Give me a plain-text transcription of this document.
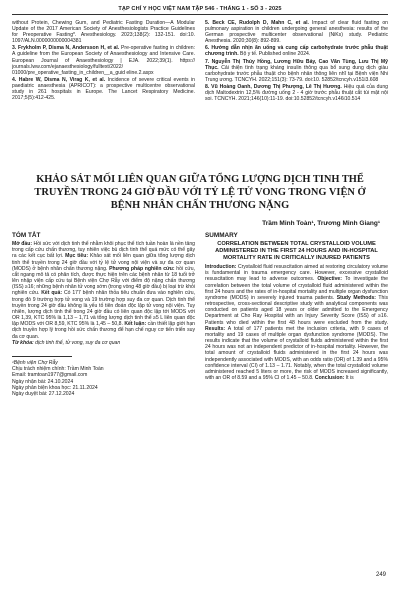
TẠP CHÍ Y HỌC VIỆT NAM TẬP 546 - THÁNG 1 - SỐ 3 - 2025
without Protein, Chewing Gum, and Pediatric Fasting Duration—A Modular Update of the 2017 American Society of Anesthesiologists Practice Guidelines for Preoperative Fasting*. Anesthesiology. 2023;138(2): 132-151. doi:10. 1097/ALN.0000000000004381
3. Frykholm P, Disma N, Andersson H, et al. Pre-operative fasting in children: A guideline from the European Society of Anaesthesiology and Intensive Care. European Journal of Anaesthesiology | EJA. 2022;39(1). https:// journals.lww.com/ejanaesthesiology/fulltext/2022/ 01000/pre_operative_fasting_in_children__a_guid eline.2.aspx
4. Habre W, Disma N, Virag K, et al. Incidence of severe critical events in paediatric anaesthesia (APRICOT): a prospective multicentre observational study in 261 hospitals in Europe. The Lancet Respiratory Medicine. 2017;5(5):412-425.
5. Beck CE, Rudolph D, Mahn C, et al. Impact of clear fluid fasting on pulmonary aspiration in children undergoing general anesthesia: results of the German prospective multicenter observational (NiKs) study. Pediatric Anesthesia. 2020;30(8): 892-899.
6. Hướng dẫn nhịn ăn uống và cung cấp carbohydrate trước phẫu thuật chương trình. Bộ y tế. Published online 2024.
7. Nguyễn Thị Thúy Hồng, Lương Hữu Bảy, Cao Văn Tùng, Lưu Thị Mỹ Thục. Cải thiện tình trạng kháng insulin thông qua bổ sung dung dịch giàu carbohydrate trước phẫu thuật cho bệnh nhân thông liên nhĩ tại Bệnh viện Nhi Trung ương. TCNCYH. 2022;151(3): 73-79. doi:10. 52852/tcncyh.v151i3.608
8. Vũ Hoàng Oanh, Dương Thị Phượng, Lê Thị Hương. Hiệu quả của dung dịch Maltodextrin 12,5% đường uống 2 - 4 giờ trước phẫu thuật cắt túi mật nội soi. TCNCYH. 2021;146(10):11-19. doi:10.52852/tcncyh.v146i10.514
KHẢO SÁT MỐI LIÊN QUAN GIỮA TỔNG LƯỢNG DỊCH TINH THỂ TRUYỀN TRONG 24 GIỜ ĐẦU VỚI TỶ LỆ TỬ VONG TRONG VIỆN Ở BỆNH NHÂN CHẤN THƯƠNG NẶNG
Trầm Minh Toàn¹, Trương Minh Giang¹
TÓM TẮT

Mở đầu: Hồi sức với dịch tinh thể nhằm khôi phục thể tích tuần hoàn là nền tảng trong cấp cứu chấn thương, tuy nhiên việc bù dịch tinh thể quá mức có thể gây ra các kết cục bất lợi. Mục tiêu: Khảo sát mối liên quan giữa tổng lượng dịch tinh thể truyền trong 24 giờ đầu với tỷ lệ tử vong nội viện và sự đa cơ quan (MODS) ở bệnh nhân chấn thương nặng. Phương pháp nghiên cứu: hồi cứu, cắt ngang mô tả có phân tích, được thực hiện trên các bệnh nhân từ 18 tuổi trở lên nhập viện cấp cứu tại Bệnh viện Chợ Rẫy với điểm độ nặng chấn thương (ISS) ≥16; những bệnh nhân tử vong sớm (trong vòng 48 giờ đầu) bị loại trừ khỏi nghiên cứu. Kết quả: Có 177 bệnh nhân thỏa tiêu chuẩn đưa vào nghiên cứu, trong đó 9 trường hợp tử vong và 19 trường hợp suy đa cơ quan. Dịch tinh thể truyền trong 24 giờ đầu không là yếu tố tiên đoán độc lập tử vong nội viện. Tuy nhiên, lượng dịch tinh thể trong 24 giờ đầu có liên quan độc lập tới MODS với OR 1,39, KTC 95% là 1,13 – 1,71 và tổng lượng dịch tinh thể ≥5 L liên quan độc lập MODS với OR 8,59, KTC 95% là 1,45 – 50,8. Kết luận: cần thiết lập giới hạn dịch truyền hợp lý trong hồi sức chấn thương để hạn chế nguy cơ tiến triển suy đa cơ quan.

Từ khóa: dịch tinh thể, tử vong, suy đa cơ quan

¹Bệnh viện Chợ Rẫy
Chịu trách nhiệm chính: Trầm Minh Toàn
Email: tramtoan1977@gmail.com
Ngày nhận bài: 24.10.2024
Ngày phản biện khoa học: 21.11.2024
Ngày duyệt bài: 27.12.2024
SUMMARY
CORRELATION BETWEEN TOTAL CRYSTALLOID VOLUME ADMINISTERED IN THE FIRST 24 HOURS AND IN-HOSPITAL MORTALITY RATE IN CRITICALLY INJURED PATIENTS

Introduction: Crystalloid fluid resuscitation aimed at restoring circulatory volume is fundamental in trauma emergency care. However, excessive crystalloid resuscitation may lead to adverse outcomes. Objective: To investigate the correlation between the total volume of crystalloid fluid administered within the first 24 hours and the rates of in-hospital mortality and multiple organ dysfunction syndrome (MODS) in severely injured trauma patients. Study Methods: This retrospective, cross-sectional descriptive study with analytical components was conducted on patients aged 18 years or older admitted to the Emergency Department at Cho Ray Hospital with an Injury Severity Score (ISS) of ≥16. Patients who died within the first 48 hours were excluded from the study. Results: A total of 177 patients met the inclusion criteria, with 9 cases of mortality and 19 cases of multiple organ dysfunction syndrome (MODS). The results indicate that the volume of crystalloid fluids administered within the first 24 hours was not an independent predictor of in-hospital mortality. However, the total amount of crystalloid fluids administered in the first 24 hours was independently associated with MODS, with an odds ratio (OR) of 1.39 and a 95% confidence interval (CI) of 1.13 – 1.71. Notably, when the total crystalloid volume administered reached 5 liters or more, the risk of MODS increased significantly, with an OR of 8.59 and a 95% CI of 1.45 – 50.8. Conclusion: It is

249
